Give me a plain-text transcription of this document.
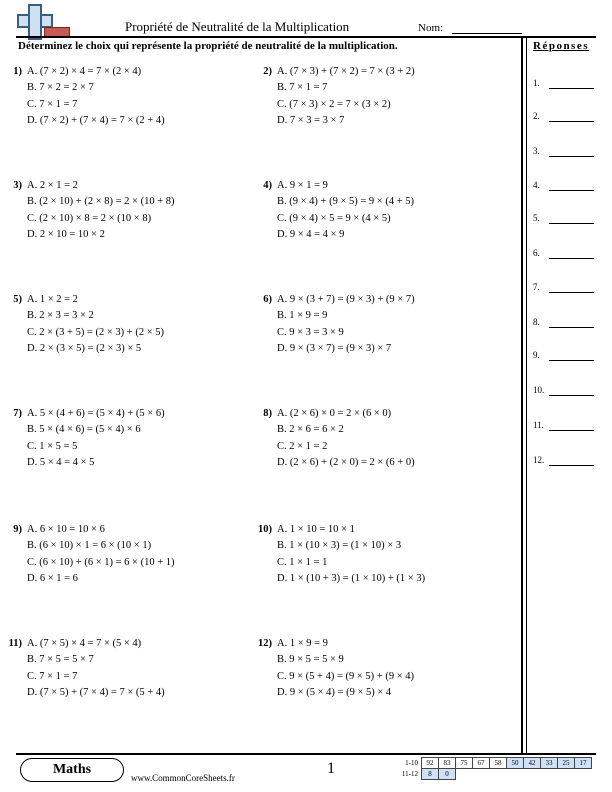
Propriété de Neutralité de la Multiplication	Nom:
Déterminez le choix qui représente la propriété de neutralité de la multiplication.
1) A. (7 × 2) × 4 = 7 × (2 × 4)
B. 7 × 2 = 2 × 7
C. 7 × 1 = 7
D. (7 × 2) + (7 × 4) = 7 × (2 + 4)
2) A. (7 × 3) + (7 × 2) = 7 × (3 + 2)
B. 7 × 1 = 7
C. (7 × 3) × 2 = 7 × (3 × 2)
D. 7 × 3 = 3 × 7
3) A. 2 × 1 = 2
B. (2 × 10) + (2 × 8) = 2 × (10 + 8)
C. (2 × 10) × 8 = 2 × (10 × 8)
D. 2 × 10 = 10 × 2
4) A. 9 × 1 = 9
B. (9 × 4) + (9 × 5) = 9 × (4 + 5)
C. (9 × 4) × 5 = 9 × (4 × 5)
D. 9 × 4 = 4 × 9
5) A. 1 × 2 = 2
B. 2 × 3 = 3 × 2
C. 2 × (3 + 5) = (2 × 3) + (2 × 5)
D. 2 × (3 × 5) = (2 × 3) × 5
6) A. 9 × (3 + 7) = (9 × 3) + (9 × 7)
B. 1 × 9 = 9
C. 9 × 3 = 3 × 9
D. 9 × (3 × 7) = (9 × 3) × 7
7) A. 5 × (4 + 6) = (5 × 4) + (5 × 6)
B. 5 × (4 × 6) = (5 × 4) × 6
C. 1 × 5 = 5
D. 5 × 4 = 4 × 5
8) A. (2 × 6) × 0 = 2 × (6 × 0)
B. 2 × 6 = 6 × 2
C. 2 × 1 = 2
D. (2 × 6) + (2 × 0) = 2 × (6 + 0)
9) A. 6 × 10 = 10 × 6
B. (6 × 10) × 1 = 6 × (10 × 1)
C. (6 × 10) + (6 × 1) = 6 × (10 + 1)
D. 6 × 1 = 6
10) A. 1 × 10 = 10 × 1
B. 1 × (10 × 3) = (1 × 10) × 3
C. 1 × 1 = 1
D. 1 × (10 + 3) = (1 × 10) + (1 × 3)
11) A. (7 × 5) × 4 = 7 × (5 × 4)
B. 7 × 5 = 5 × 7
C. 7 × 1 = 7
D. (7 × 5) + (7 × 4) = 7 × (5 + 4)
12) A. 1 × 9 = 9
B. 9 × 5 = 5 × 9
C. 9 × (5 + 4) = (9 × 5) + (9 × 4)
D. 9 × (5 × 4) = (9 × 5) × 4
Réponses
1.
2.
3.
4.
5.
6.
7.
8.
9.
10.
11.
12.
Maths
www.CommonCoreSheets.fr
1	1-10	92	83	75	67	58	50	42	33	25	17
11-12	8	0								
